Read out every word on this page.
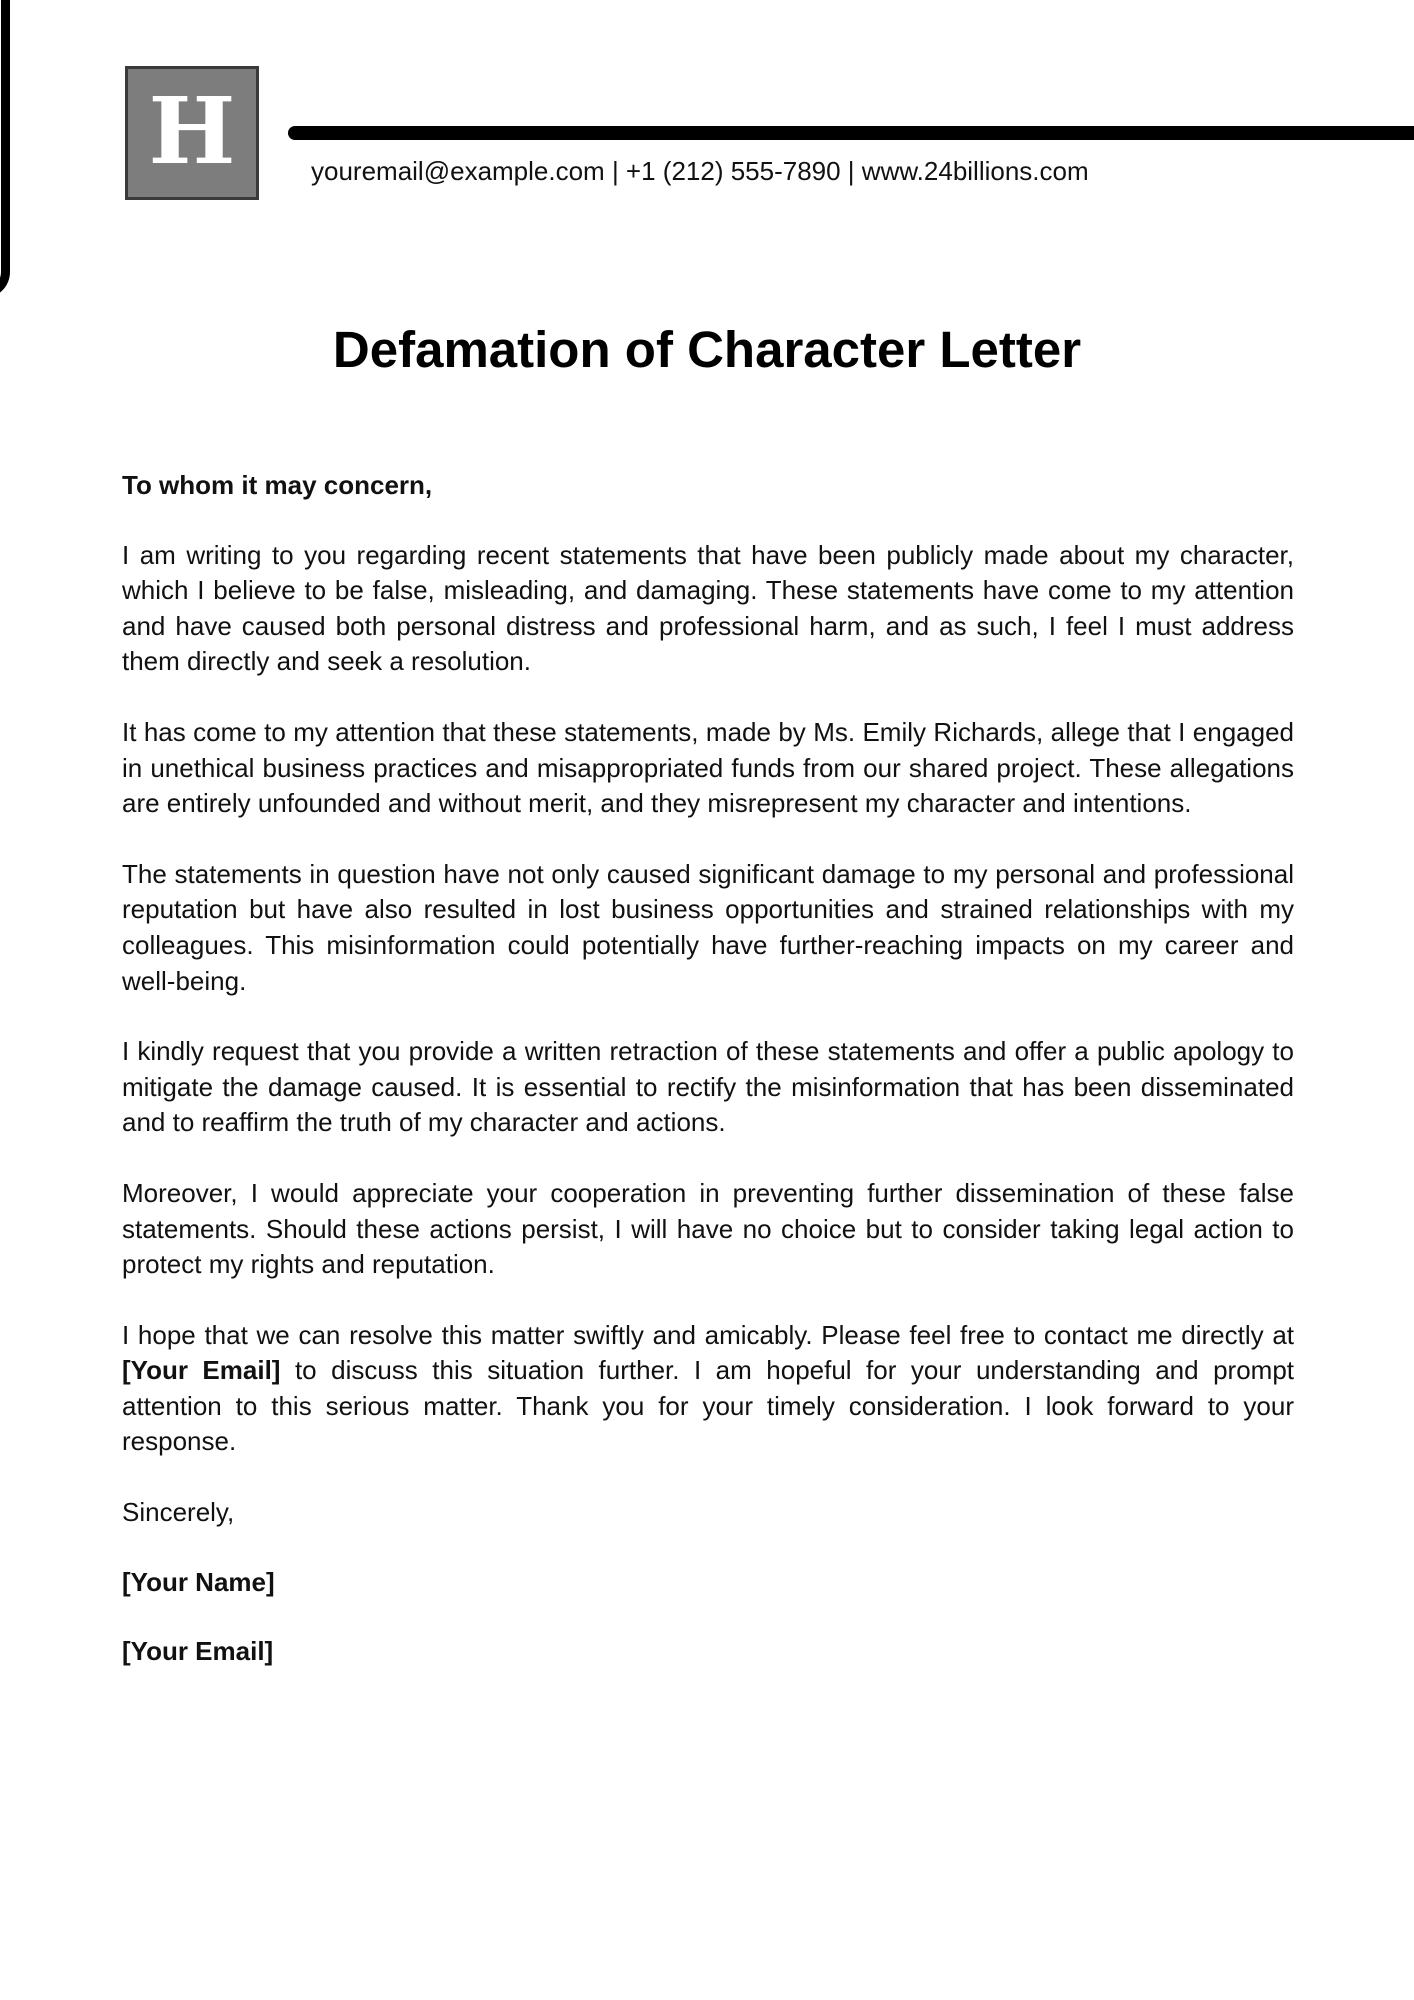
H	youremail@example.com | +1 (212) 555-7890 | www.24billions.com
Defamation of Character Letter

To whom it may concern,

I am writing to you regarding recent statements that have been publicly made about my character, which I believe to be false, misleading, and damaging. These statements have come to my attention and have caused both personal distress and professional harm, and as such, I feel I must address them directly and seek a resolution.

It has come to my attention that these statements, made by Ms. Emily Richards, allege that I engaged in unethical business practices and misappropriated funds from our shared project. These allegations are entirely unfounded and without merit, and they misrepresent my character and intentions.

The statements in question have not only caused significant damage to my personal and professional reputation but have also resulted in lost business opportunities and strained relationships with my colleagues. This misinformation could potentially have further-reaching impacts on my career and well-being.

I kindly request that you provide a written retraction of these statements and offer a public apology to mitigate the damage caused. It is essential to rectify the misinformation that has been disseminated and to reaffirm the truth of my character and actions.

Moreover, I would appreciate your cooperation in preventing further dissemination of these false statements. Should these actions persist, I will have no choice but to consider taking legal action to protect my rights and reputation.

I hope that we can resolve this matter swiftly and amicably. Please feel free to contact me directly at [Your Email] to discuss this situation further. I am hopeful for your understanding and prompt attention to this serious matter. Thank you for your timely consideration. I look forward to your response.

Sincerely,

[Your Name]

[Your Email]
